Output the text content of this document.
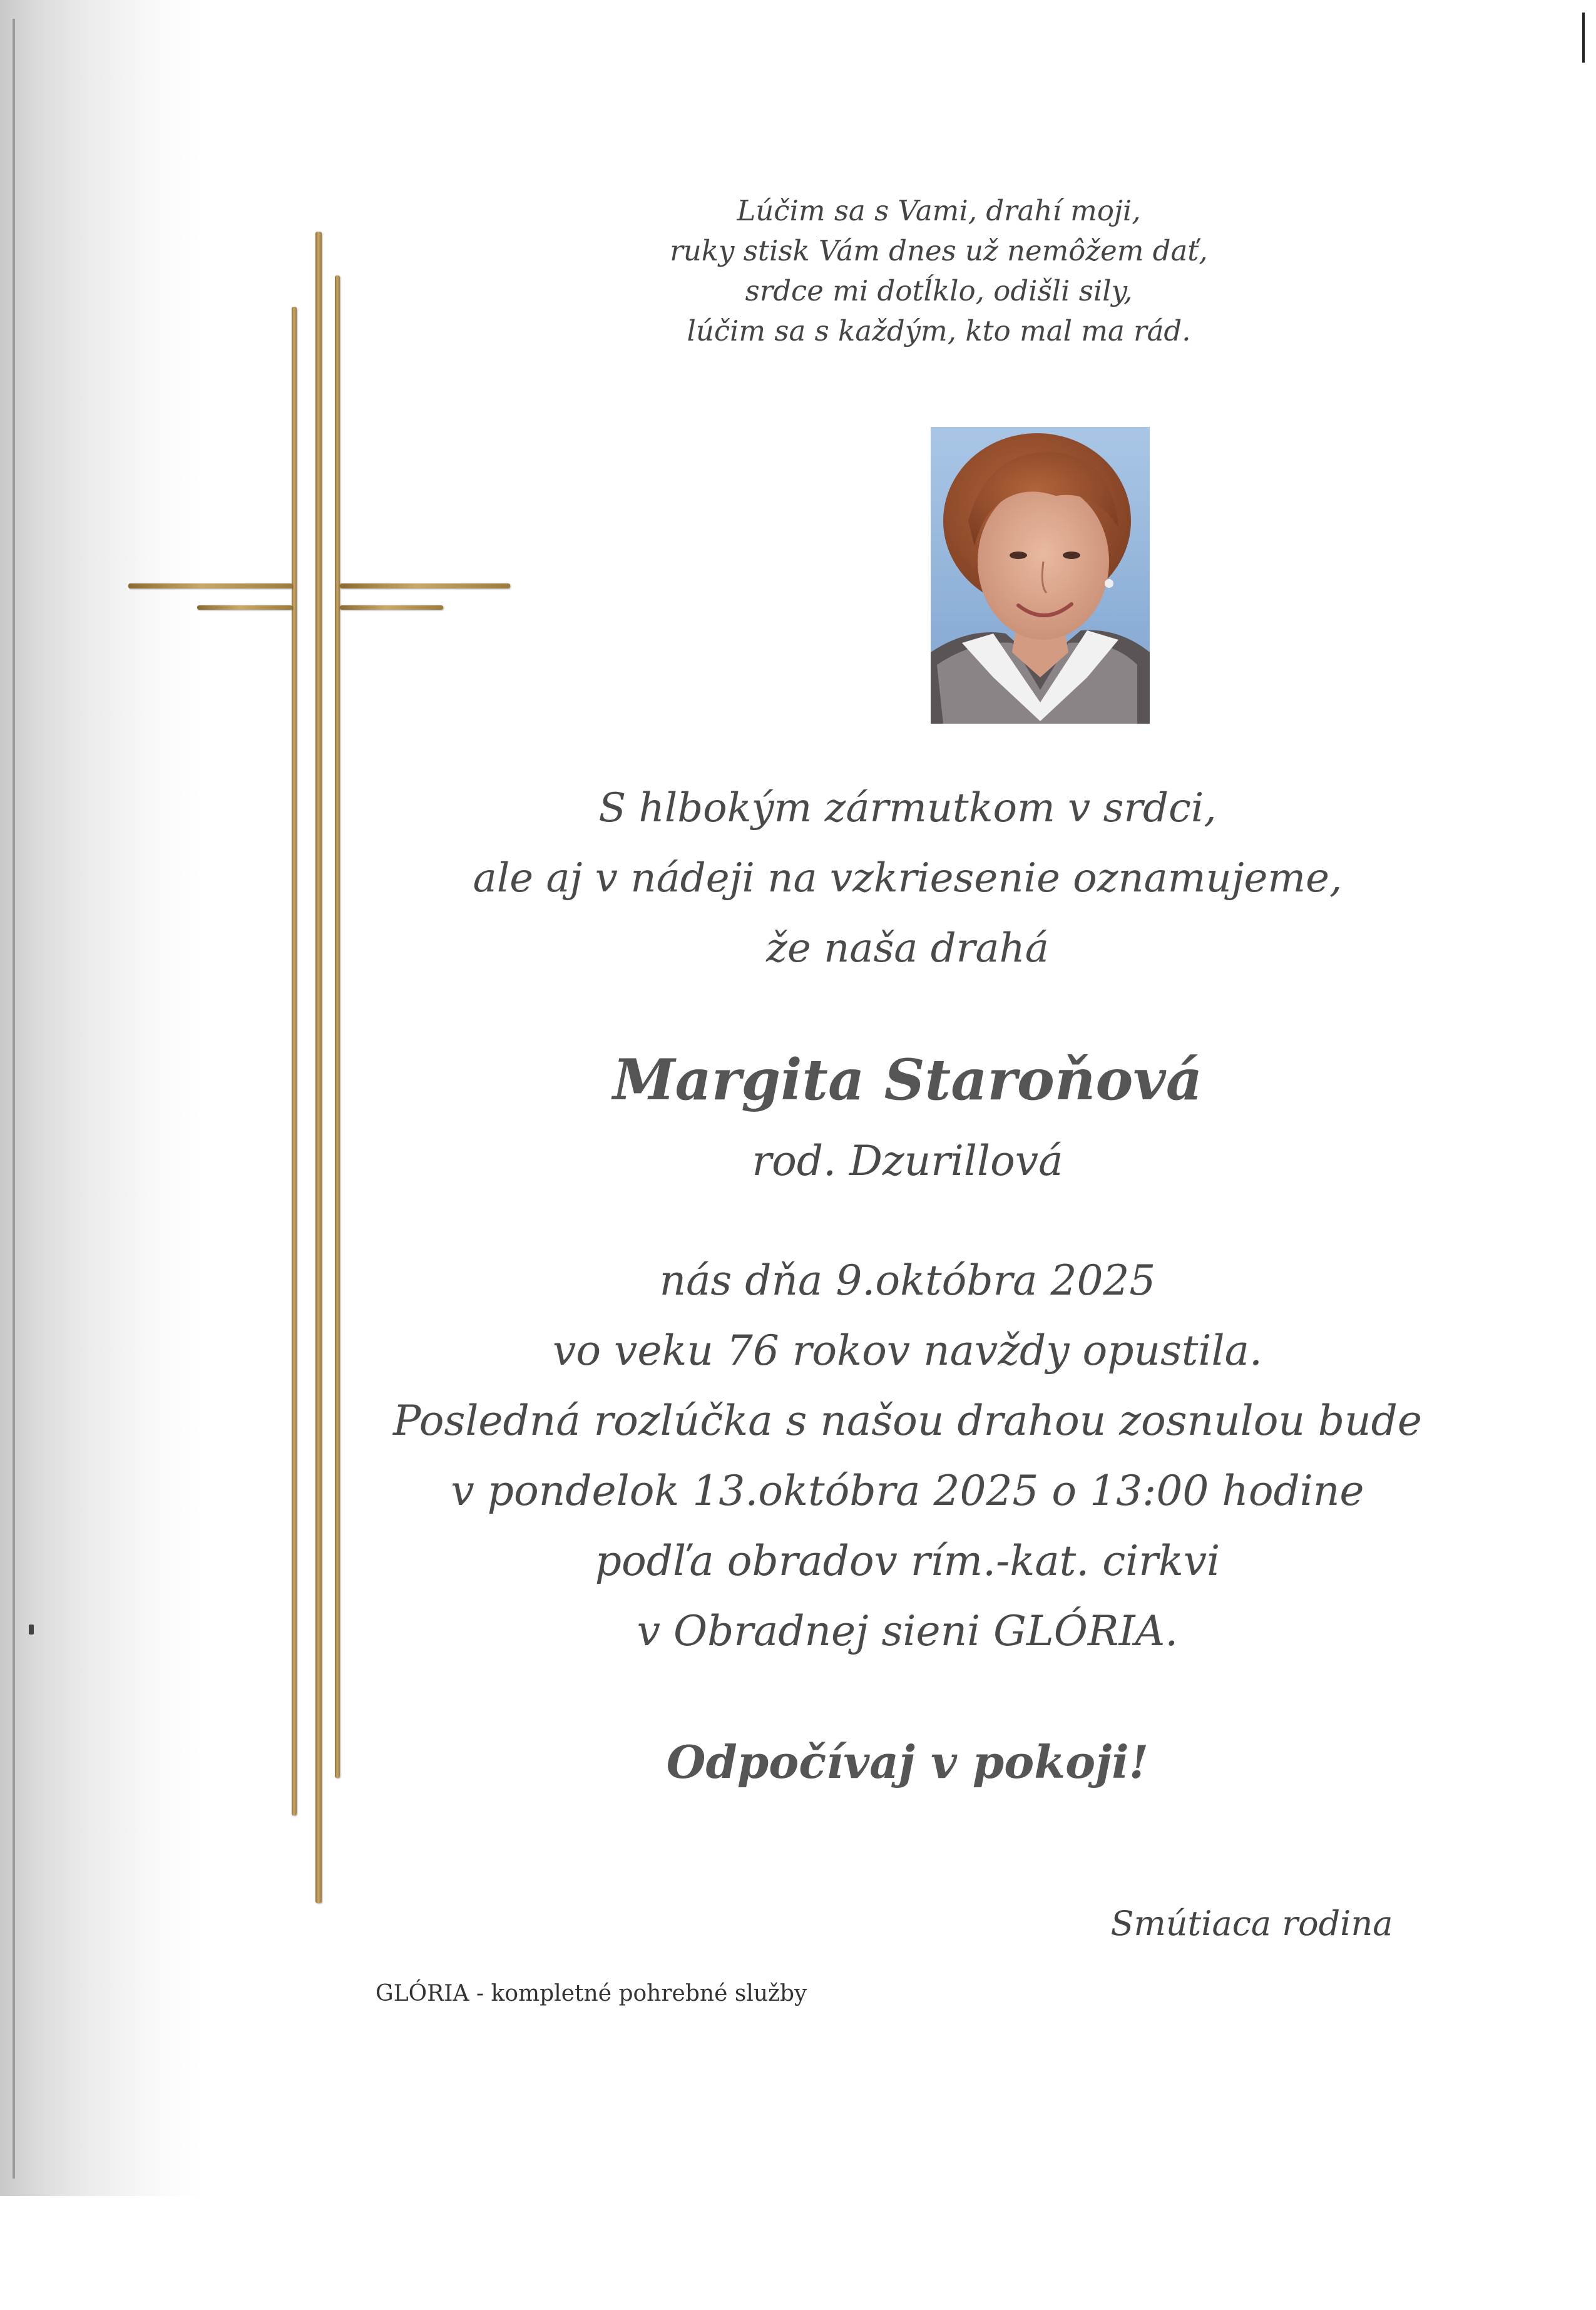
Lúčim sa s Vami, drahí moji,
ruky stisk Vám dnes už nemôžem dať,
srdce mi dotĺklo, odišli sily,
lúčim sa s každým, kto mal ma rád.
S hlbokým zármutkom v srdci,
ale aj v nádeji na vzkriesenie oznamujeme,
že naša drahá
Margita Staroňová
rod. Dzurillová
nás dňa 9.októbra 2025
vo veku 76 rokov navždy opustila.
Posledná rozlúčka s našou drahou zosnulou bude
v pondelok 13.októbra 2025 o 13:00 hodine
podľa obradov rím.-kat. cirkvi
v Obradnej sieni GLÓRIA.
Odpočívaj v pokoji!
Smútiaca rodina
GLÓRIA - kompletné pohrebné služby
